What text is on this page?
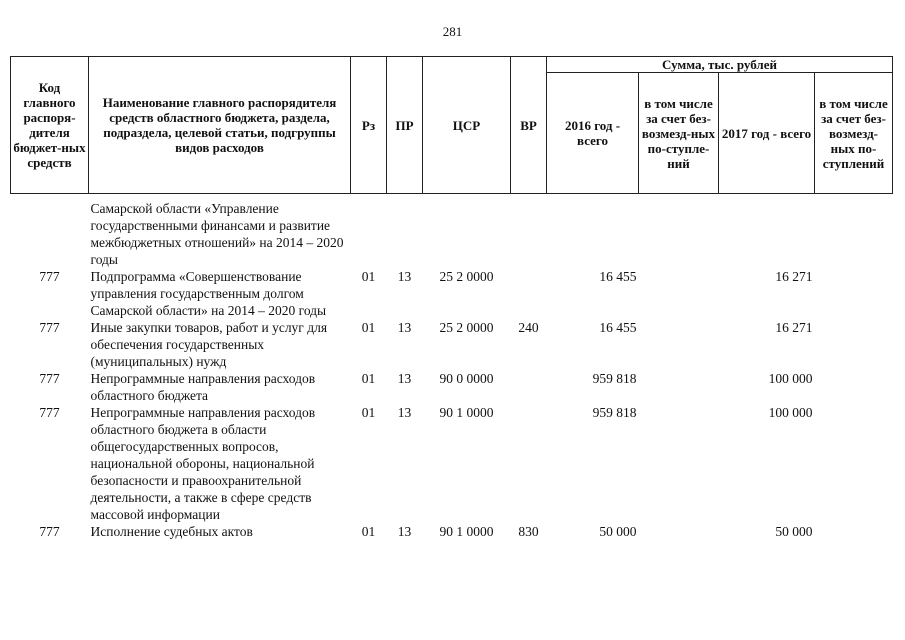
281
Код главного распоря-дителя бюджет-ных средств	Наименование главного распорядителя средств областного бюджета, раздела, подраздела, целевой статьи, подгруппы видов расходов	Рз	ПР	ЦСР	ВР	Сумма, тыс. рублей			
						2016 год - всего	в том числе за счет без-возмезд-ных по-ступле-ний	2017 год - всего	в том числе за счет без-возмезд-ных по-ступлений

	Самарской области «Управление государственными финансами и развитие межбюджетных отношений» на 2014 – 2020 годы								
777	Подпрограмма «Совершенствование управления государственным долгом Самарской области» на 2014 – 2020 годы	01	13	25 2 0000		16 455		16 271	
777	Иные закупки товаров, работ и услуг для обеспечения государственных (муниципальных) нужд	01	13	25 2 0000	240	16 455		16 271	
777	Непрограммные направления расходов областного бюджета	01	13	90 0 0000		959 818		100 000	
777	Непрограммные направления расходов областного бюджета в области общегосударственных вопросов, национальной обороны, национальной безопасности и правоохранительной деятельности, а также в сфере средств массовой информации	01	13	90 1 0000		959 818		100 000	
777	Исполнение судебных актов	01	13	90 1 0000	830	50 000		50 000	
